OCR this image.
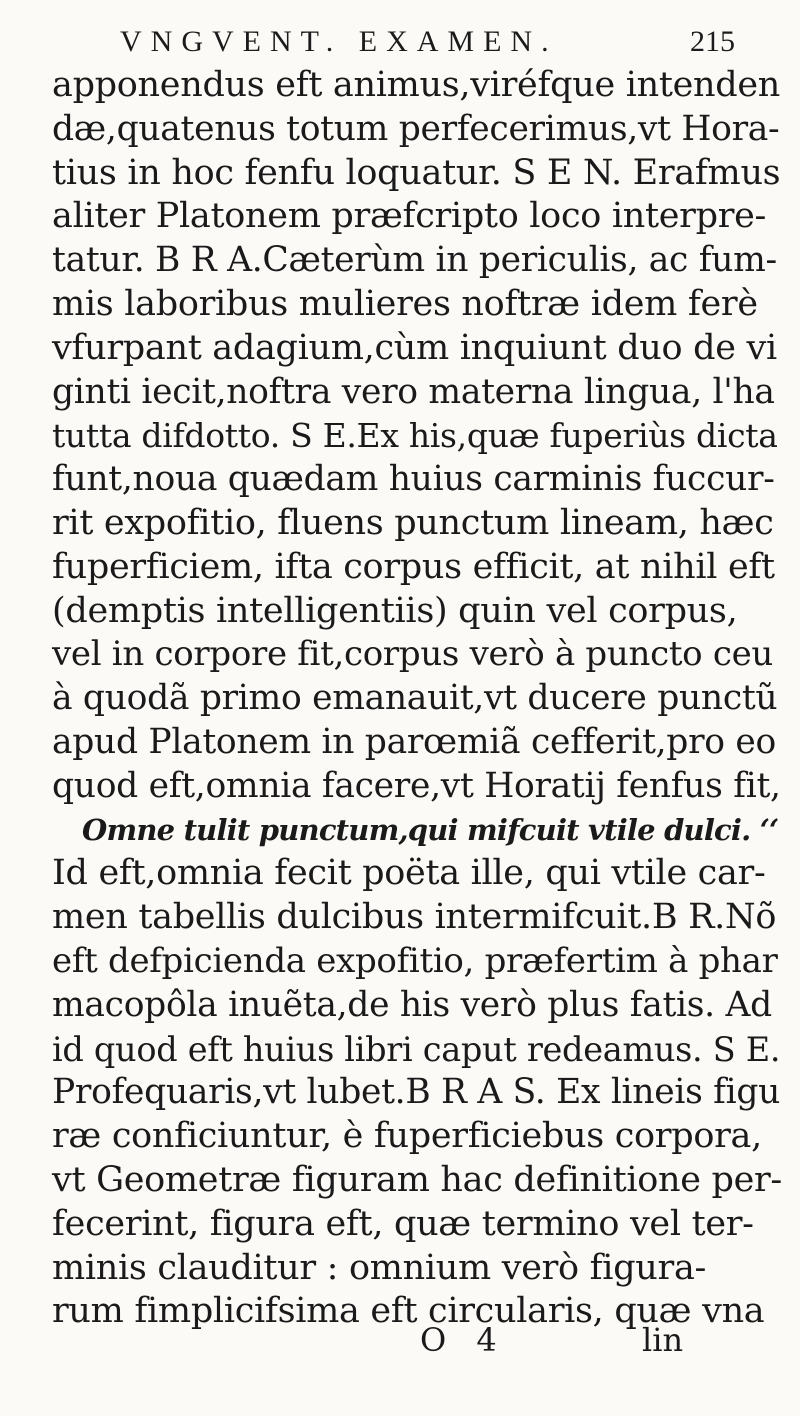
VNGVENT. EXAMEN.	215
apponendus eft animus,viréfque intenden
dæ,quatenus totum perfecerimus,vt Hora-
tius in hoc fenfu loquatur. S E N. Erafmus
aliter Platonem præfcripto loco interpre-
tatur. B R A.Cæterùm in periculis, ac fum-
mis laboribus mulieres noftræ idem ferè
vfurpant adagium,cùm inquiunt duo de vi
ginti iecit,noftra vero materna lingua, l'ha
tutta difdotto. S E.Ex his,quæ fuperiùs dicta
funt,noua quædam huius carminis fuccur-
rit expofitio, fluens punctum lineam, hæc
fuperficiem, ifta corpus efficit, at nihil eft
(demptis intelligentiis) quin vel corpus,
vel in corpore fit,corpus verò à puncto ceu
à quodã primo emanauit,vt ducere punctũ
apud Platonem in parœmiã cefferit,pro eo
quod eft,omnia facere,vt Horatij fenfus fit,
Omne tulit punctum,qui mifcuit vtile dulci. ‘‘
Id eft,omnia fecit poëta ille, qui vtile car-
men tabellis dulcibus intermifcuit.B R.Nõ
eft defpicienda expofitio, præfertim à phar
macopôla inuẽta,de his verò plus fatis. Ad
id quod eft huius libri caput redeamus. S E.
Profequaris,vt lubet.B R A S. Ex lineis figu
ræ conficiuntur, è fuperficiebus corpora,
vt Geometræ figuram hac definitione per-
fecerint, figura eft, quæ termino vel ter-
minis clauditur : omnium verò figura-
rum fimplicifsima eft circularis, quæ vna
O 4	lin
